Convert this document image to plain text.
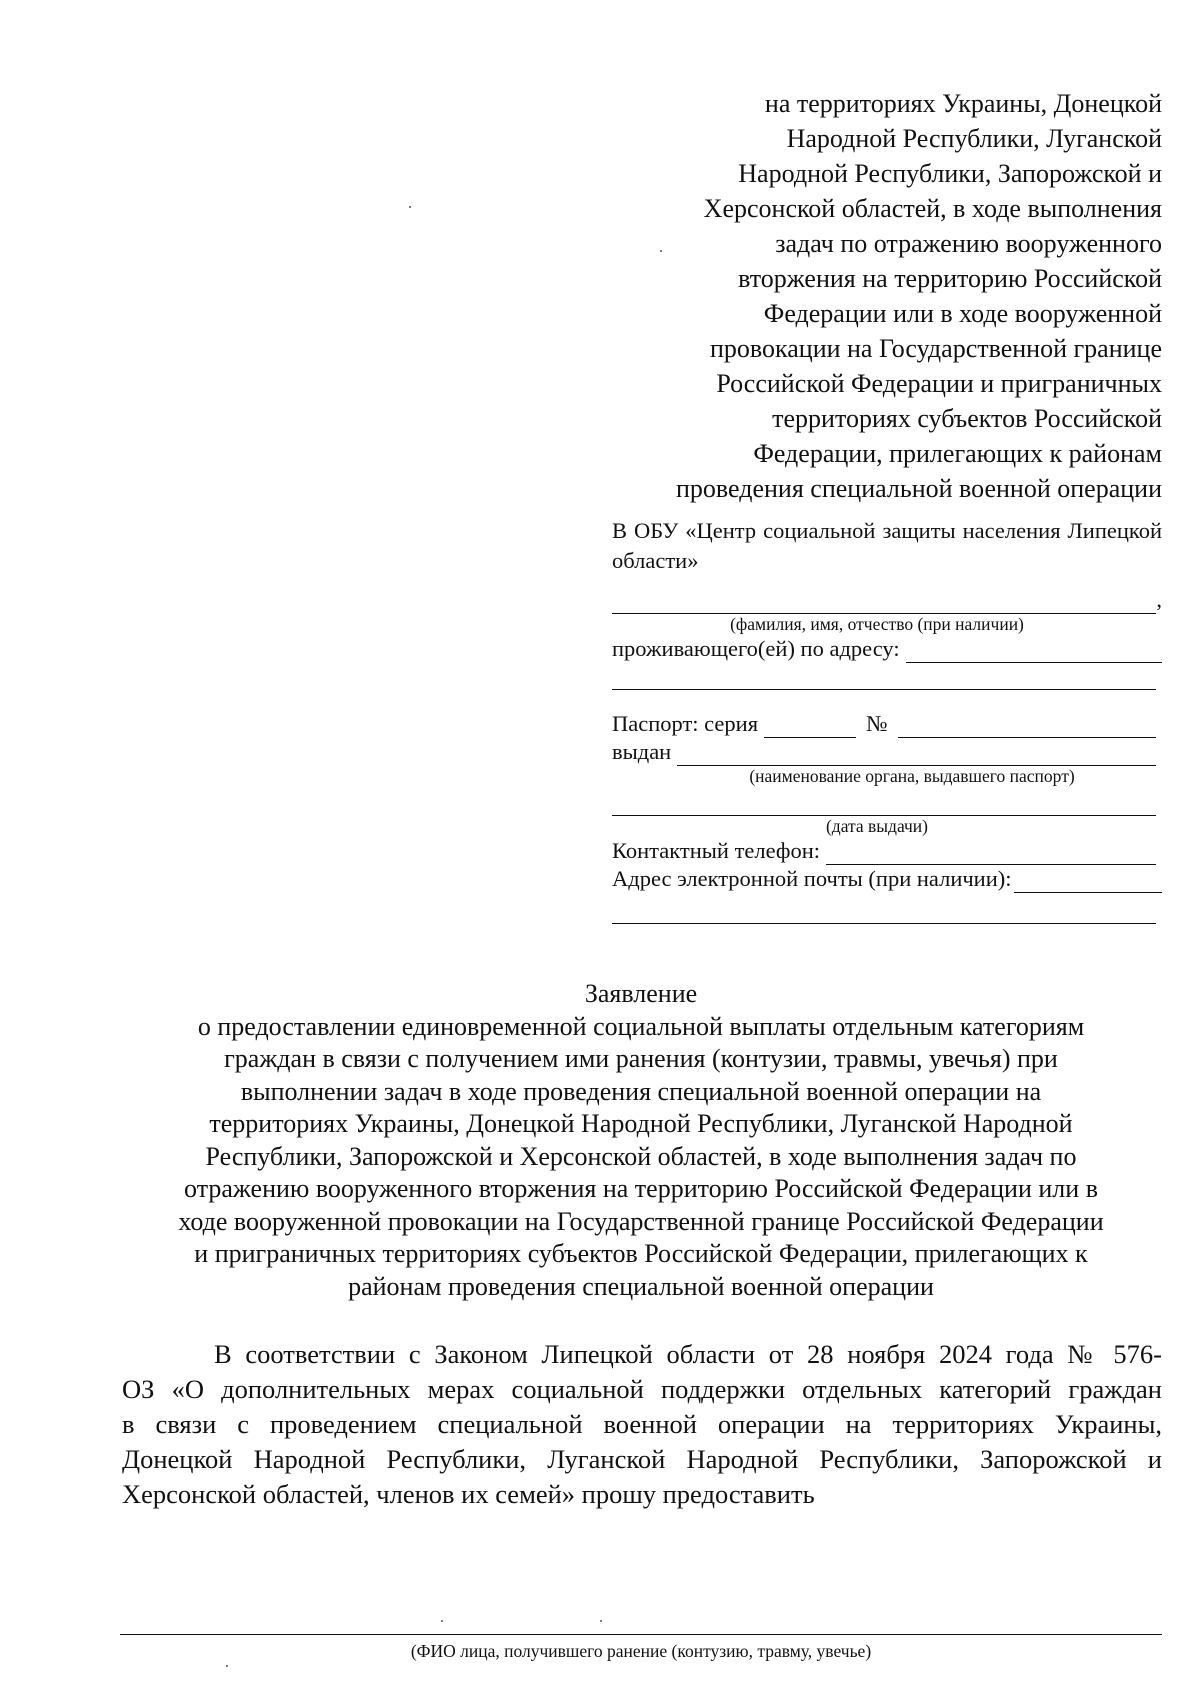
на территориях Украины, Донецкой
Народной Республики, Луганской
Народной Республики, Запорожской и
Херсонской областей, в ходе выполнения
задач по отражению вооруженного
вторжения на территорию Российской
Федерации или в ходе вооруженной
провокации на Государственной границе
Российской Федерации и приграничных
территориях субъектов Российской
Федерации, прилегающих к районам
проведения специальной военной операции
В ОБУ «Центр социальной защиты населения Липецкой области»
,
(фамилия, имя, отчество (при наличии)
проживающего(ей) по адресу:
Паспорт: серия	№
выдан
(наименование органа, выдавшего паспорт)
(дата выдачи)
Контактный телефон:
Адрес электронной почты (при наличии):
Заявление
о предоставлении единовременной социальной выплаты отдельным категориям
граждан в связи с получением ими ранения (контузии, травмы, увечья) при
выполнении задач в ходе проведения специальной военной операции на
территориях Украины, Донецкой Народной Республики, Луганской Народной
Республики, Запорожской и Херсонской областей, в ходе выполнения задач по
отражению вооруженного вторжения на территорию Российской Федерации или в
ходе вооруженной провокации на Государственной границе Российской Федерации
и приграничных территориях субъектов Российской Федерации, прилегающих к
районам проведения специальной военной операции
В соответствии с Законом Липецкой области от 28 ноября 2024 года № 576-
ОЗ «О дополнительных мерах социальной поддержки отдельных категорий граждан
в связи с проведением специальной военной операции на территориях Украины,
Донецкой Народной Республики, Луганской Народной Республики, Запорожской и
Херсонской областей, членов их семей» прошу предоставить
(ФИО лица, получившего ранение (контузию, травму, увечье)
